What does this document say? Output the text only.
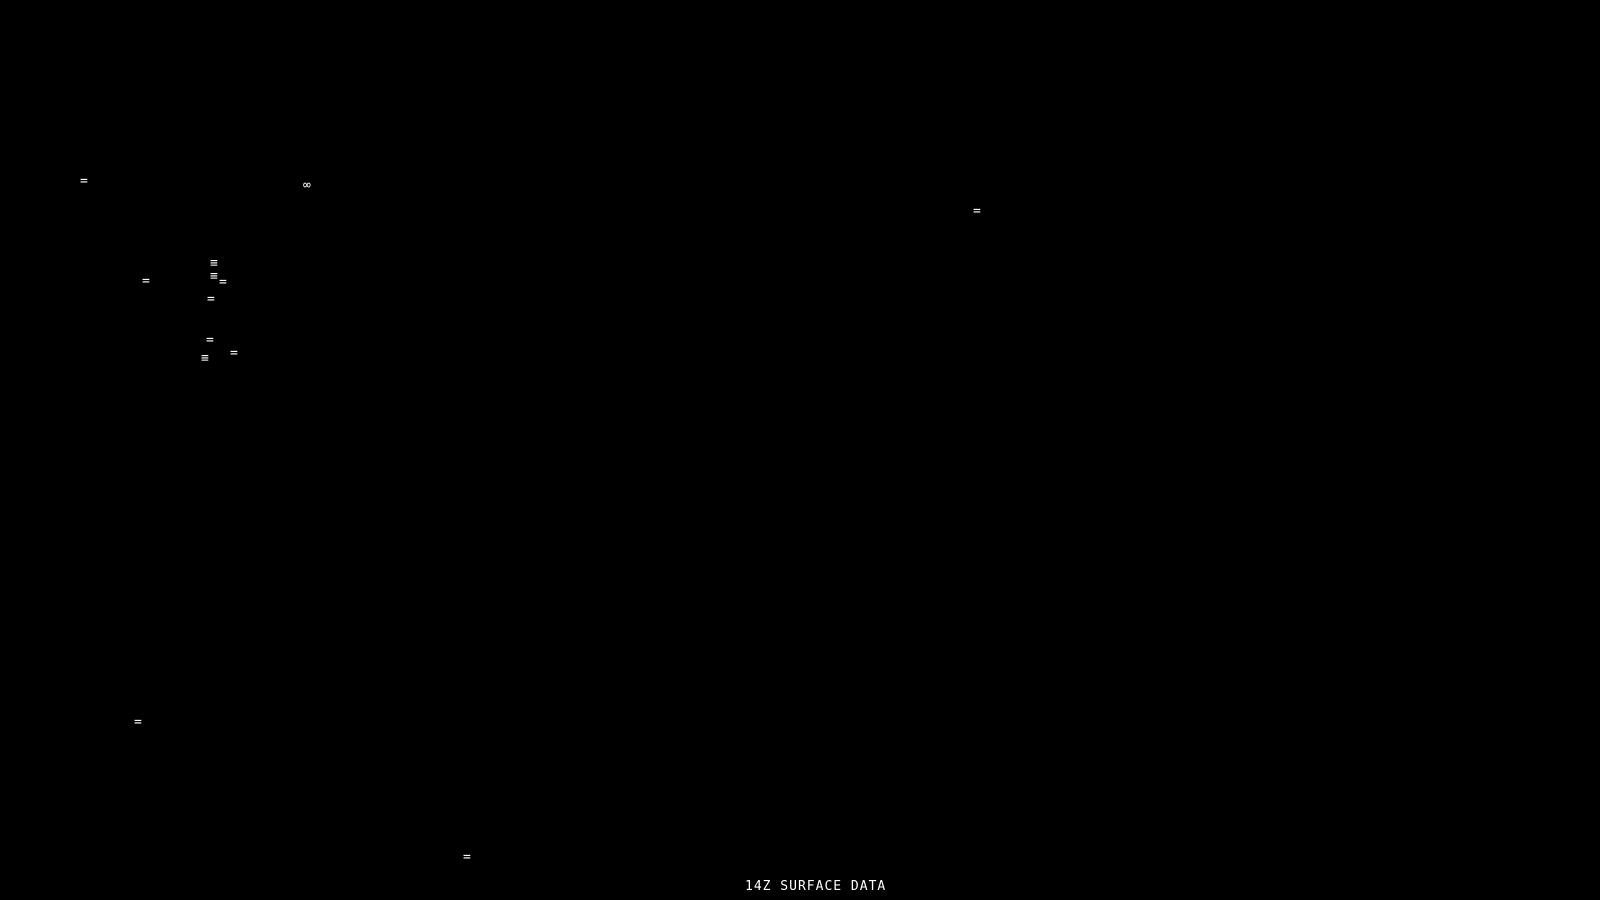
=	∞
=
=
≡
≡ =
=
=
=
≡
=
=
14Z SURFACE DATA
